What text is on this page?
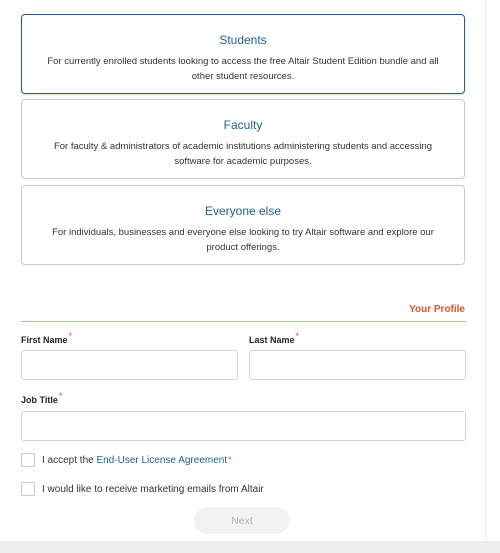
Students
For currently enrolled students looking to access the free Altair Student Edition bundle and all other student resources.
Faculty
For faculty & administrators of academic institutions administering students and accessing software for academic purposes.
Everyone else
For individuals, businesses and everyone else looking to try Altair software and explore our product offerings.
Your Profile
First Name*	Last Name*
Job Title*
I accept the End-User License Agreement *
I would like to receive marketing emails from Altair
Next
